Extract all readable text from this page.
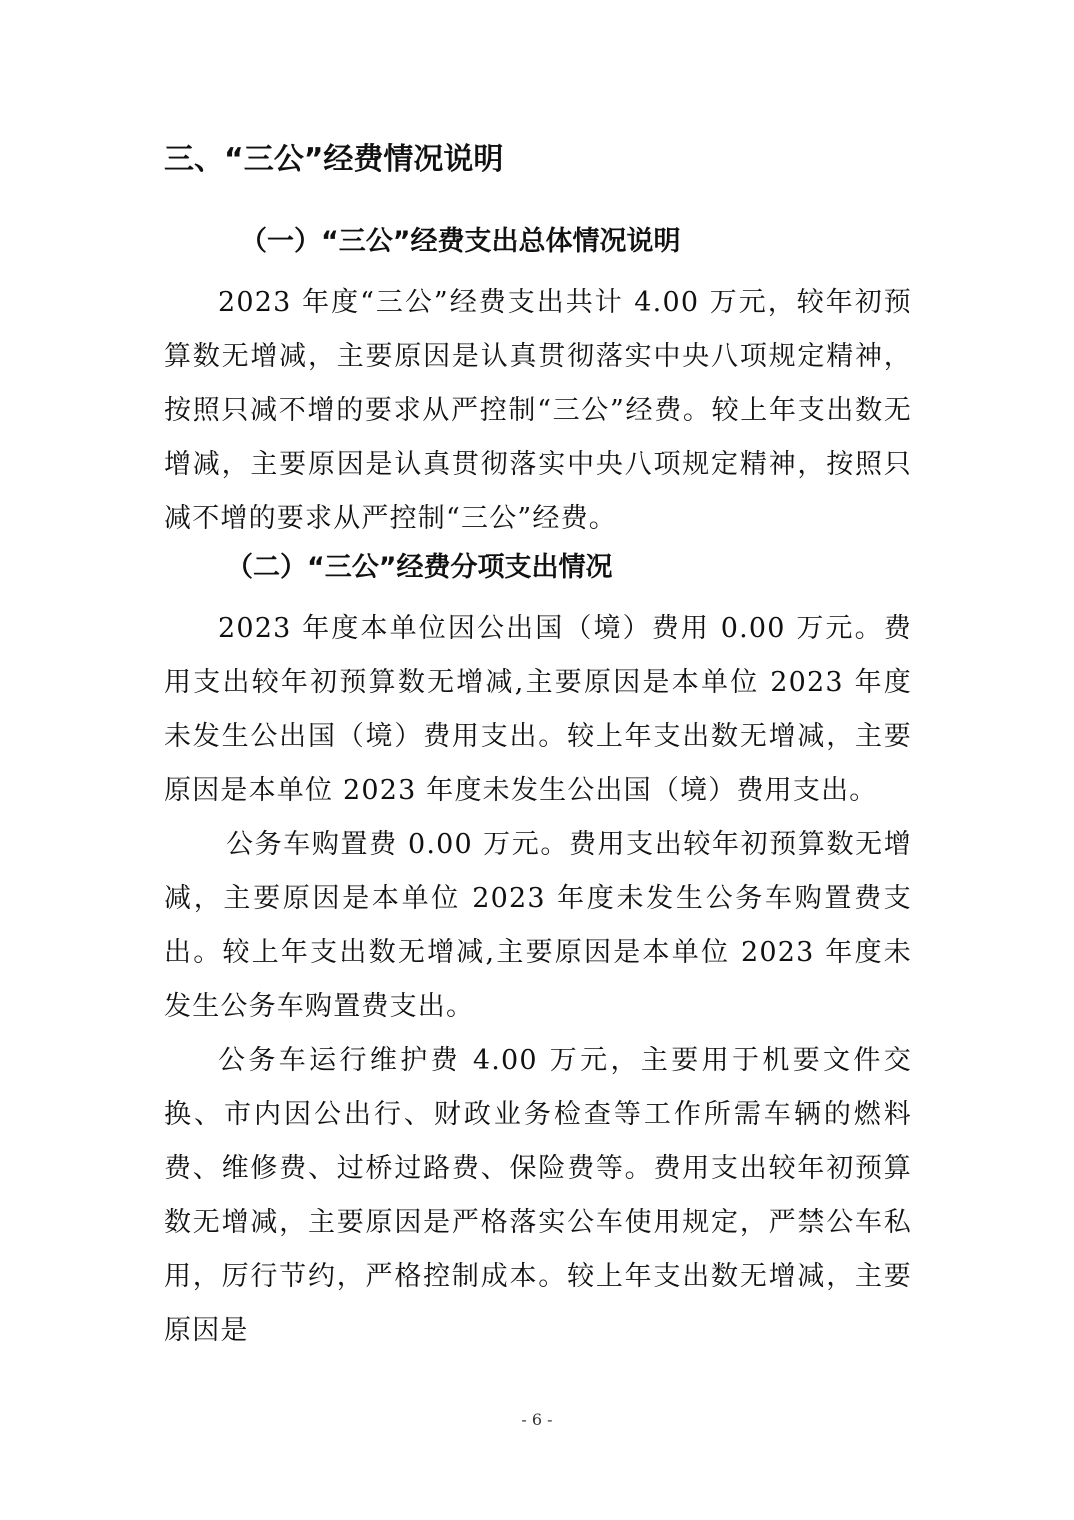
三、“三公”经费情况说明
（一）“三公”经费支出总体情况说明

2023 年度“三公”经费支出共计 4.00 万元，较年初预算数无增减，主要原因是认真贯彻落实中央八项规定精神，按照只减不增的要求从严控制“三公”经费。较上年支出数无增减，主要原因是认真贯彻落实中央八项规定精神，按照只减不增的要求从严控制“三公”经费。

（二）“三公”经费分项支出情况

2023 年度本单位因公出国（境）费用 0.00 万元。费用支出较年初预算数无增减,主要原因是本单位 2023 年度未发生公出国（境）费用支出。较上年支出数无增减，主要原因是本单位 2023 年度未发生公出国（境）费用支出。

公务车购置费 0.00 万元。费用支出较年初预算数无增减，主要原因是本单位 2023 年度未发生公务车购置费支出。较上年支出数无增减,主要原因是本单位 2023 年度未发生公务车购置费支出。

公务车运行维护费 4.00 万元，主要用于机要文件交换、市内因公出行、财政业务检查等工作所需车辆的燃料费、维修费、过桥过路费、保险费等。费用支出较年初预算数无增减，主要原因是严格落实公车使用规定，严禁公车私用，厉行节约，严格控制成本。较上年支出数无增减，主要原因是

- 6 -
